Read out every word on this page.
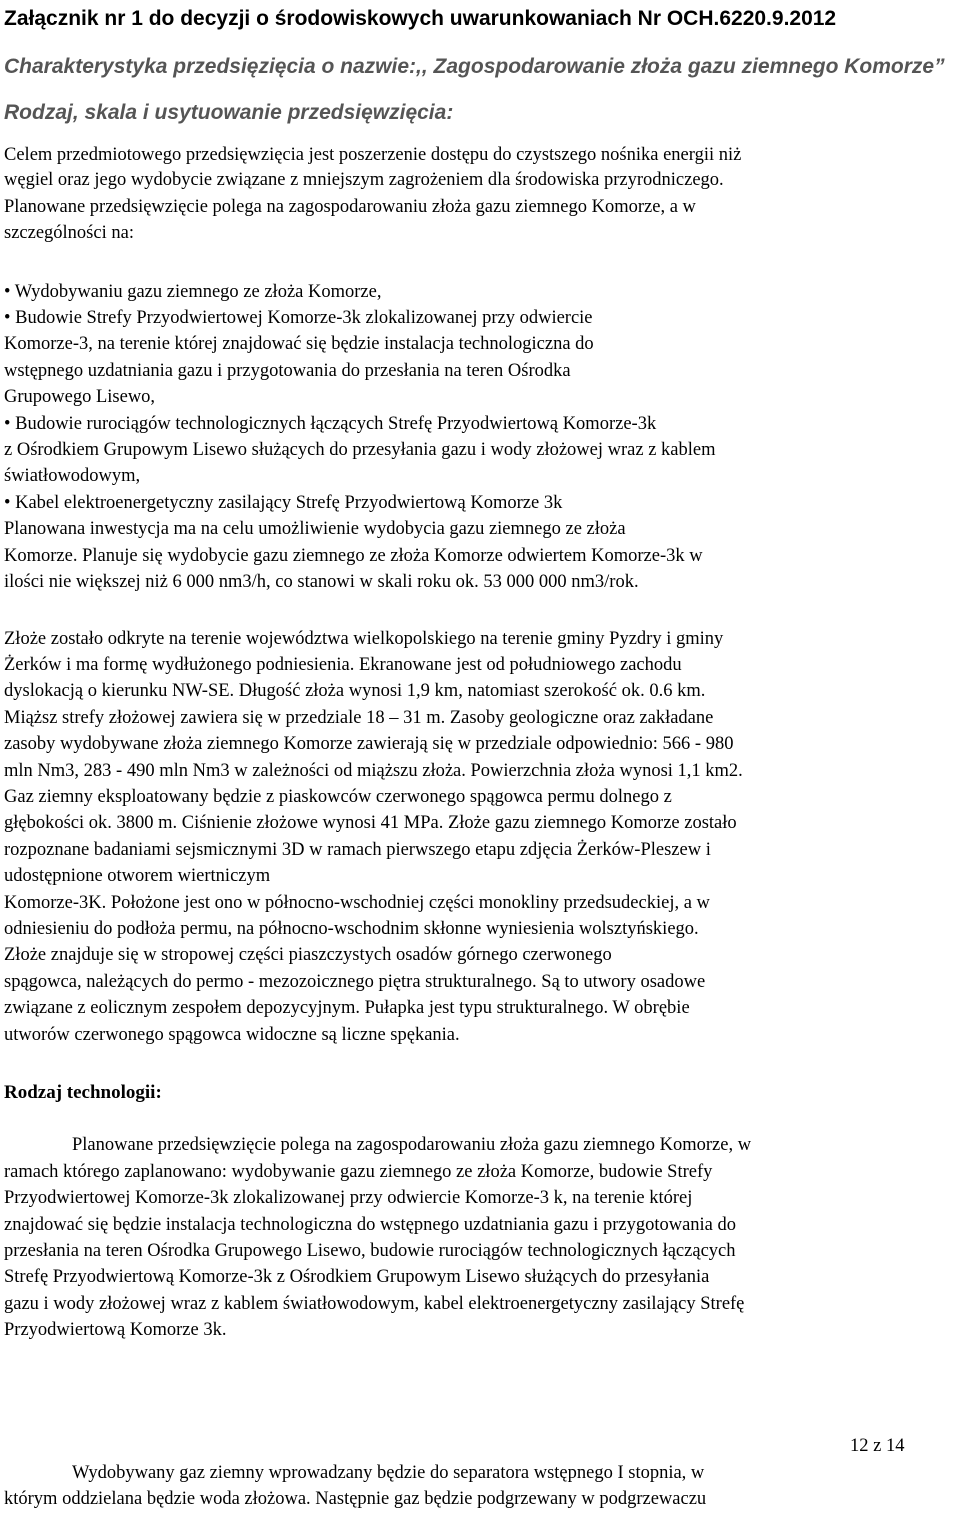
Załącznik nr 1 do decyzji o środowiskowych uwarunkowaniach Nr OCH.6220.9.2012
Charakterystyka przedsięzięcia o nazwie:,, Zagospodarowanie złoża gazu ziemnego Komorze”
Rodzaj, skala i usytuowanie przedsięwzięcia:
Celem przedmiotowego przedsięwzięcia jest poszerzenie dostępu do czystszego nośnika energii niż
węgiel oraz jego wydobycie związane z mniejszym zagrożeniem dla środowiska przyrodniczego.
Planowane przedsięwzięcie polega na zagospodarowaniu złoża gazu ziemnego Komorze, a w
szczególności na:
• Wydobywaniu gazu ziemnego ze złoża Komorze,
• Budowie Strefy Przyodwiertowej Komorze-3k zlokalizowanej przy odwiercie
Komorze-3, na terenie której znajdować się będzie instalacja technologiczna do
wstępnego uzdatniania gazu i przygotowania do przesłania na teren Ośrodka
Grupowego Lisewo,
• Budowie rurociągów technologicznych łączących Strefę Przyodwiertową Komorze-3k
z Ośrodkiem Grupowym Lisewo służących do przesyłania gazu i wody złożowej wraz z kablem
światłowodowym,
• Kabel elektroenergetyczny zasilający Strefę Przyodwiertową Komorze 3k
Planowana inwestycja ma na celu umożliwienie wydobycia gazu ziemnego ze złoża
Komorze. Planuje się wydobycie gazu ziemnego ze złoża Komorze odwiertem Komorze-3k w
ilości nie większej niż 6 000 nm3/h, co stanowi w skali roku ok. 53 000 000 nm3/rok.
Złoże zostało odkryte na terenie województwa wielkopolskiego na terenie gminy Pyzdry i gminy
Żerków i ma formę wydłużonego podniesienia. Ekranowane jest od południowego zachodu
dyslokacją o kierunku NW-SE. Długość złoża wynosi 1,9 km, natomiast szerokość ok. 0.6 km.
Miąższ strefy złożowej zawiera się w przedziale 18 – 31 m. Zasoby geologiczne oraz zakładane
zasoby wydobywane złoża ziemnego Komorze zawierają się w przedziale odpowiednio: 566 - 980
mln Nm3, 283 - 490 mln Nm3 w zależności od miąższu złoża. Powierzchnia złoża wynosi 1,1 km2.
Gaz ziemny eksploatowany będzie z piaskowców czerwonego spągowca permu dolnego z
głębokości ok. 3800 m. Ciśnienie złożowe wynosi 41 MPa. Złoże gazu ziemnego Komorze zostało
rozpoznane badaniami sejsmicznymi 3D w ramach pierwszego etapu zdjęcia Żerków-Pleszew i
udostępnione otworem wiertniczym
Komorze-3K. Położone jest ono w północno-wschodniej części monokliny przedsudeckiej, a w
odniesieniu do podłoża permu, na północno-wschodnim skłonne wyniesienia wolsztyńskiego.
Złoże znajduje się w stropowej części piaszczystych osadów górnego czerwonego
spągowca, należących do permo - mezozoicznego piętra strukturalnego. Są to utwory osadowe
związane z eolicznym zespołem depozycyjnym. Pułapka jest typu strukturalnego. W obrębie
utworów czerwonego spągowca widoczne są liczne spękania.
Rodzaj technologii:
Planowane przedsięwzięcie polega na zagospodarowaniu złoża gazu ziemnego Komorze, w
ramach którego zaplanowano: wydobywanie gazu ziemnego ze złoża Komorze, budowie Strefy
Przyodwiertowej Komorze-3k zlokalizowanej przy odwiercie Komorze-3 k, na terenie której
znajdować się będzie instalacja technologiczna do wstępnego uzdatniania gazu i przygotowania do
przesłania na teren Ośrodka Grupowego Lisewo, budowie rurociągów technologicznych łączących
Strefę Przyodwiertową Komorze-3k z Ośrodkiem Grupowym Lisewo służących do przesyłania
gazu i wody złożowej wraz z kablem światłowodowym, kabel elektroenergetyczny zasilający Strefę
Przyodwiertową Komorze 3k.
12 z 14
Wydobywany gaz ziemny wprowadzany będzie do separatora wstępnego I stopnia, w
którym oddzielana będzie woda złożowa. Następnie gaz będzie podgrzewany w podgrzewaczu
